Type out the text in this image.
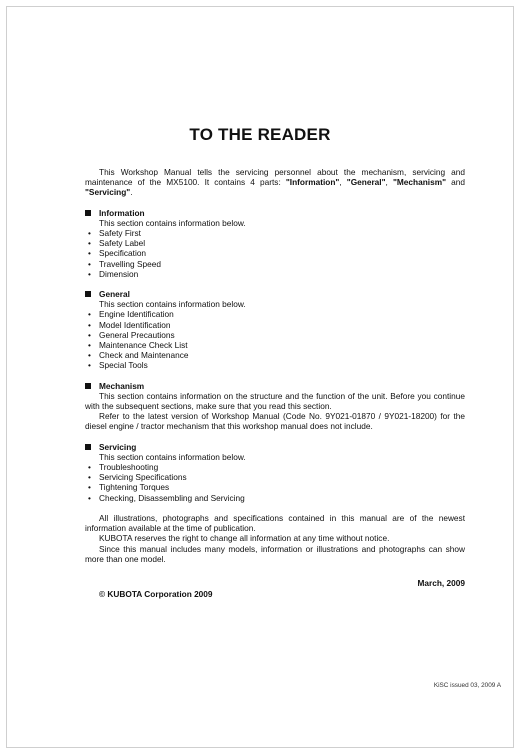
TO THE READER

This Workshop Manual tells the servicing personnel about the mechanism, servicing and maintenance of the MX5100. It contains 4 parts: "Information", "General", "Mechanism" and "Servicing".

Information
This section contains information below.
• Safety First
• Safety Label
• Specification
• Travelling Speed
• Dimension
General
This section contains information below.
• Engine Identification
• Model Identification
• General Precautions
• Maintenance Check List
• Check and Maintenance
• Special Tools
Mechanism

This section contains information on the structure and the function of the unit. Before you continue with the subsequent sections, make sure that you read this section.

Refer to the latest version of Workshop Manual (Code No. 9Y021-01870 / 9Y021-18200) for the diesel engine / tractor mechanism that this workshop manual does not include.

Servicing
This section contains information below.
• Troubleshooting
• Servicing Specifications
• Tightening Torques
• Checking, Disassembling and Servicing

All illustrations, photographs and specifications contained in this manual are of the newest information available at the time of publication.

KUBOTA reserves the right to change all information at any time without notice.

Since this manual includes many models, information or illustrations and photographs can show more than one model.

March, 2009
© KUBOTA Corporation 2009
KiSC issued 03, 2009 A
